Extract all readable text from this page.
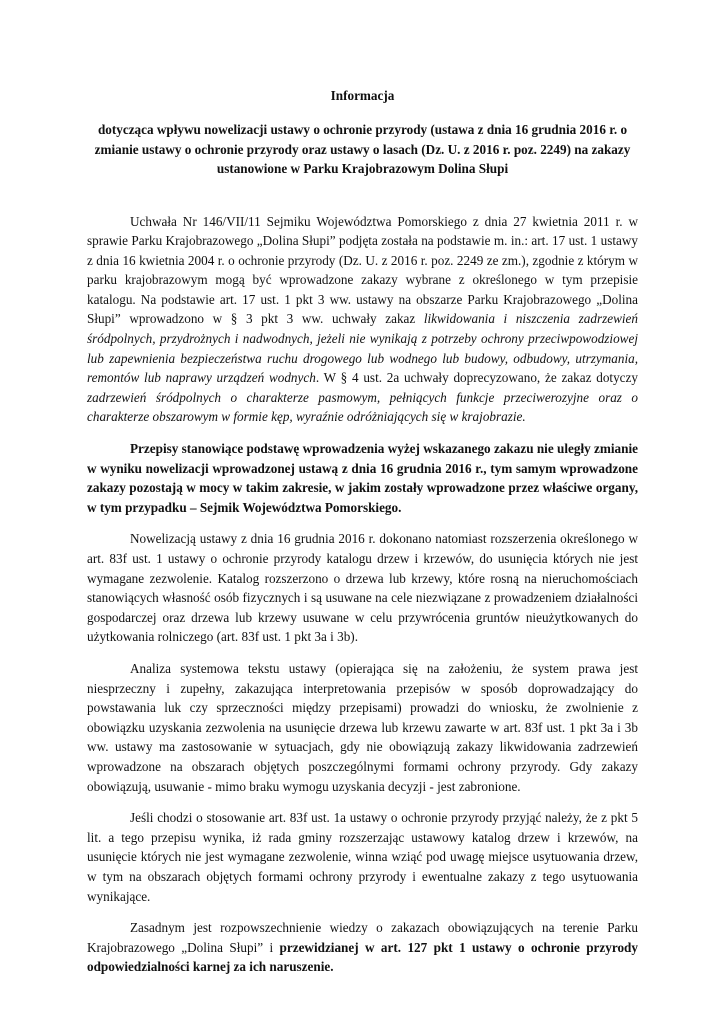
Informacja
dotycząca wpływu nowelizacji ustawy o ochronie przyrody (ustawa z dnia 16 grudnia 2016 r. o zmianie ustawy o ochronie przyrody oraz ustawy o lasach (Dz. U. z 2016 r. poz. 2249) na zakazy ustanowione w Parku Krajobrazowym Dolina Słupi

Uchwała Nr 146/VII/11 Sejmiku Województwa Pomorskiego z dnia 27 kwietnia 2011 r. w sprawie Parku Krajobrazowego „Dolina Słupi” podjęta została na podstawie m. in.: art. 17 ust. 1 ustawy z dnia 16 kwietnia 2004 r. o ochronie przyrody (Dz. U. z 2016 r. poz. 2249 ze zm.), zgodnie z którym w parku krajobrazowym mogą być wprowadzone zakazy wybrane z określonego w tym przepisie katalogu. Na podstawie art. 17 ust. 1 pkt 3 ww. ustawy na obszarze Parku Krajobrazowego „Dolina Słupi” wprowadzono w § 3 pkt 3 ww. uchwały zakaz likwidowania i niszczenia zadrzewień śródpolnych, przydrożnych i nadwodnych, jeżeli nie wynikają z potrzeby ochrony przeciwpowodziowej lub zapewnienia bezpieczeństwa ruchu drogowego lub wodnego lub budowy, odbudowy, utrzymania, remontów lub naprawy urządzeń wodnych. W § 4 ust. 2a uchwały doprecyzowano, że zakaz dotyczy zadrzewień śródpolnych o charakterze pasmowym, pełniących funkcje przeciwerozyjne oraz o charakterze obszarowym w formie kęp, wyraźnie odróżniających się w krajobrazie.

Przepisy stanowiące podstawę wprowadzenia wyżej wskazanego zakazu nie uległy zmianie w wyniku nowelizacji wprowadzonej ustawą z dnia 16 grudnia 2016 r., tym samym wprowadzone zakazy pozostają w mocy w takim zakresie, w jakim zostały wprowadzone przez właściwe organy, w tym przypadku – Sejmik Województwa Pomorskiego.

Nowelizacją ustawy z dnia 16 grudnia 2016 r. dokonano natomiast rozszerzenia określonego w art. 83f ust. 1 ustawy o ochronie przyrody katalogu drzew i krzewów, do usunięcia których nie jest wymagane zezwolenie. Katalog rozszerzono o drzewa lub krzewy, które rosną na nieruchomościach stanowiących własność osób fizycznych i są usuwane na cele niezwiązane z prowadzeniem działalności gospodarczej oraz drzewa lub krzewy usuwane w celu przywrócenia gruntów nieużytkowanych do użytkowania rolniczego (art. 83f ust. 1 pkt 3a i 3b).

Analiza systemowa tekstu ustawy (opierająca się na założeniu, że system prawa jest niesprzeczny i zupełny, zakazująca interpretowania przepisów w sposób doprowadzający do powstawania luk czy sprzeczności między przepisami) prowadzi do wniosku, że zwolnienie z obowiązku uzyskania zezwolenia na usunięcie drzewa lub krzewu zawarte w art. 83f ust. 1 pkt 3a i 3b ww. ustawy ma zastosowanie w sytuacjach, gdy nie obowiązują zakazy likwidowania zadrzewień wprowadzone na obszarach objętych poszczególnymi formami ochrony przyrody. Gdy zakazy obowiązują, usuwanie - mimo braku wymogu uzyskania decyzji - jest zabronione.

Jeśli chodzi o stosowanie art. 83f ust. 1a ustawy o ochronie przyrody przyjąć należy, że z pkt 5 lit. a tego przepisu wynika, iż rada gminy rozszerzając ustawowy katalog drzew i krzewów, na usunięcie których nie jest wymagane zezwolenie, winna wziąć pod uwagę miejsce usytuowania drzew, w tym na obszarach objętych formami ochrony przyrody i ewentualne zakazy z tego usytuowania wynikające.

Zasadnym jest rozpowszechnienie wiedzy o zakazach obowiązujących na terenie Parku Krajobrazowego „Dolina Słupi” i przewidzianej w art. 127 pkt 1 ustawy o ochronie przyrody odpowiedzialności karnej za ich naruszenie.
